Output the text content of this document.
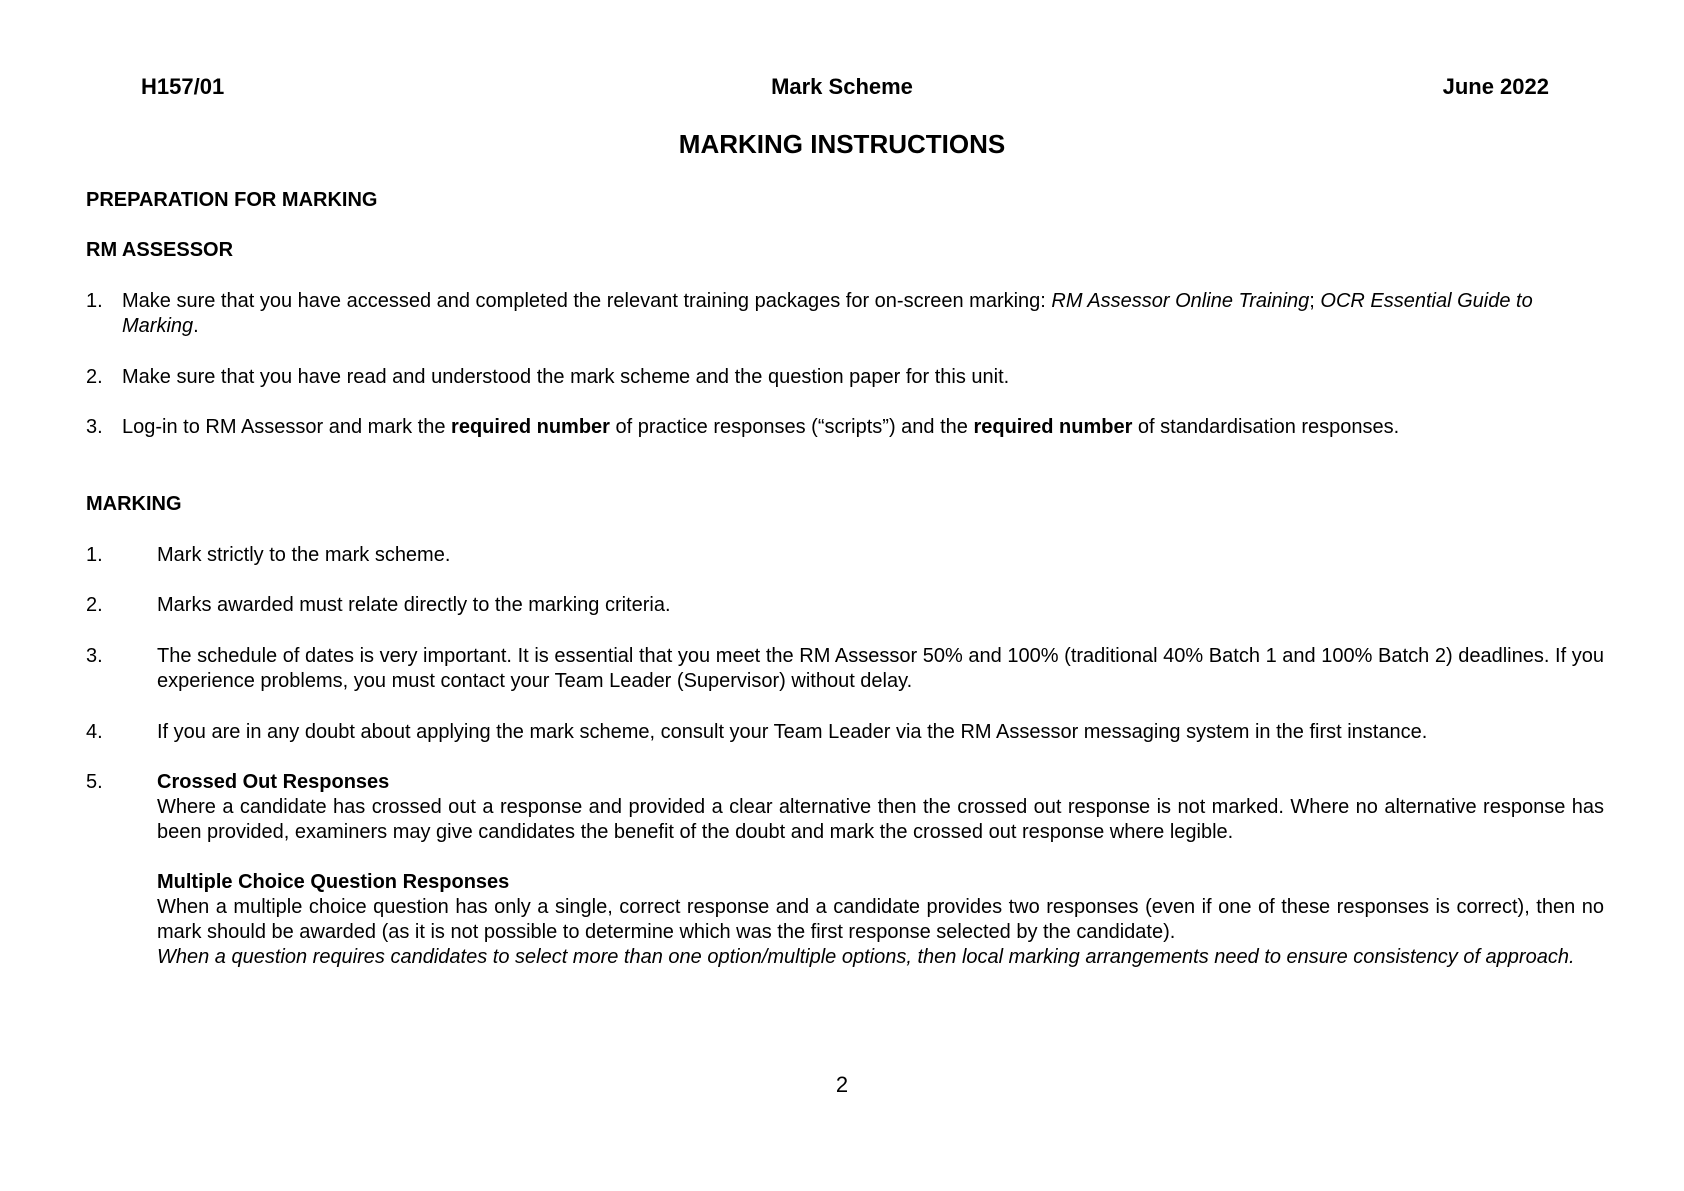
H157/01	Mark Scheme	June 2022
MARKING INSTRUCTIONS
PREPARATION FOR MARKING
RM ASSESSOR
1. Make sure that you have accessed and completed the relevant training packages for on-screen marking: RM Assessor Online Training; OCR Essential Guide to Marking.
2. Make sure that you have read and understood the mark scheme and the question paper for this unit.
3. Log-in to RM Assessor and mark the required number of practice responses (“scripts”) and the required number of standardisation responses.
MARKING
1.	Mark strictly to the mark scheme.
2.	Marks awarded must relate directly to the marking criteria.
3.	The schedule of dates is very important. It is essential that you meet the RM Assessor 50% and 100% (traditional 40% Batch 1 and 100% Batch 2) deadlines. If you experience problems, you must contact your Team Leader (Supervisor) without delay.
4.	If you are in any doubt about applying the mark scheme, consult your Team Leader via the RM Assessor messaging system in the first instance.
5.	Crossed Out Responses
Where a candidate has crossed out a response and provided a clear alternative then the crossed out response is not marked. Where no alternative response has been provided, examiners may give candidates the benefit of the doubt and mark the crossed out response where legible.
Multiple Choice Question Responses
When a multiple choice question has only a single, correct response and a candidate provides two responses (even if one of these responses is correct), then no mark should be awarded (as it is not possible to determine which was the first response selected by the candidate).
When a question requires candidates to select more than one option/multiple options, then local marking arrangements need to ensure consistency of approach.
2
